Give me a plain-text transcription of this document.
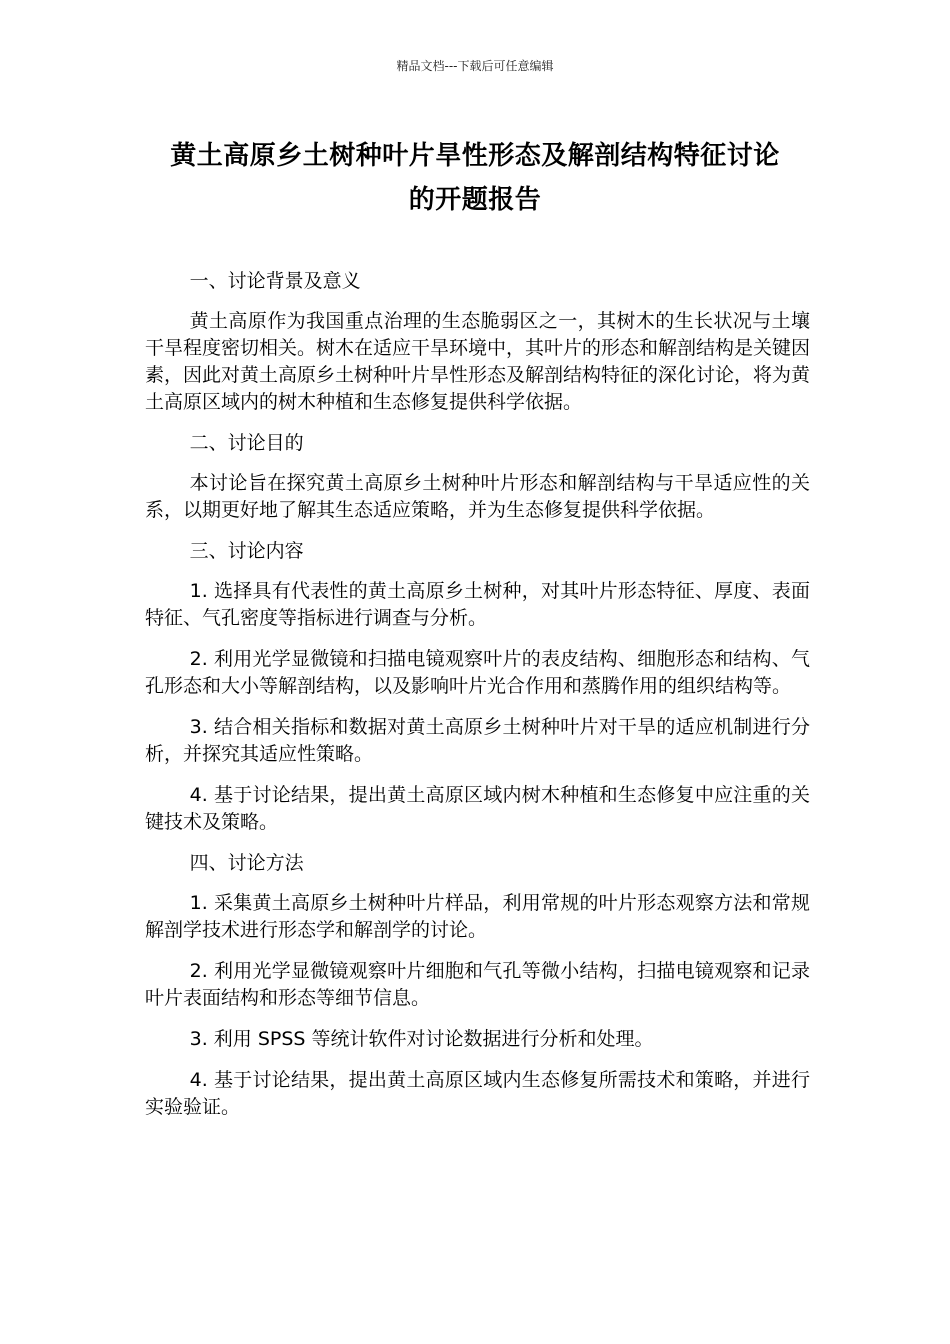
精品文档---下载后可任意编辑
黄土高原乡土树种叶片旱性形态及解剖结构特征讨论
的开题报告

一、讨论背景及意义

黄土高原作为我国重点治理的生态脆弱区之一，其树木的生长状况与土壤干旱程度密切相关。树木在适应干旱环境中，其叶片的形态和解剖结构是关键因素，因此对黄土高原乡土树种叶片旱性形态及解剖结构特征的深化讨论，将为黄土高原区域内的树木种植和生态修复提供科学依据。

二、讨论目的

本讨论旨在探究黄土高原乡土树种叶片形态和解剖结构与干旱适应性的关系，以期更好地了解其生态适应策略，并为生态修复提供科学依据。

三、讨论内容

1. 选择具有代表性的黄土高原乡土树种，对其叶片形态特征、厚度、表面特征、气孔密度等指标进行调查与分析。

2. 利用光学显微镜和扫描电镜观察叶片的表皮结构、细胞形态和结构、气孔形态和大小等解剖结构，以及影响叶片光合作用和蒸腾作用的组织结构等。

3. 结合相关指标和数据对黄土高原乡土树种叶片对干旱的适应机制进行分析，并探究其适应性策略。

4. 基于讨论结果，提出黄土高原区域内树木种植和生态修复中应注重的关键技术及策略。

四、讨论方法

1. 采集黄土高原乡土树种叶片样品，利用常规的叶片形态观察方法和常规解剖学技术进行形态学和解剖学的讨论。

2. 利用光学显微镜观察叶片细胞和气孔等微小结构，扫描电镜观察和记录叶片表面结构和形态等细节信息。

3. 利用 SPSS 等统计软件对讨论数据进行分析和处理。

4. 基于讨论结果，提出黄土高原区域内生态修复所需技术和策略，并进行实验验证。
